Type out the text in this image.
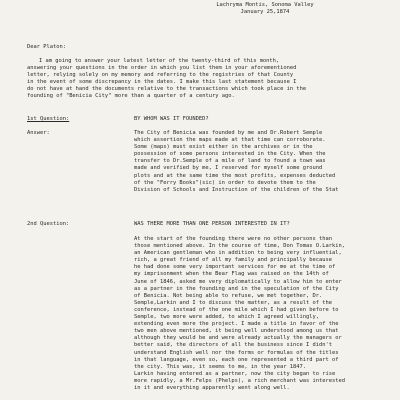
Lachryma Montis, Sonoma Valley
January 25,1874
Dear Platon:
I am going to answer your latest letter of the twenty-third of this month,
answering your questions in the order in which you list them in your aforementioned
letter, relying solely on my memory and referring to the registries of that County
in the event of some discrepancy in the dates. I make this last statement because I
do not have at hand the documents relative to the transactions which took place in the
founding of "Benicia City" more than a quarter of a century ago.
1st Question:	BY WHOM WAS IT FOUNDED?
Answer:	The City of Benicia was founded by me and Dr.Robert Semple
which assertion the maps made at that time can corroborate.
Some (maps) must exist either in the archives or in the
possession of some persons interested in the City. When the
transfer to Dr.Semple of a mile of land to found a town was
made and verified by me, I reserved for myself some ground
plots and at the same time the most profits, expenses deducted
of the "Ferry Books"(sic) in order to devote them to the
Division of Schools and Instruction of the children of the Stat
2nd Question:	WAS THERE MORE THAN ONE PERSON INTERESTED IN IT?
At the start of the founding there were no other persons than
those mentioned above. In the course of time, Don Tomas O.Larkin,
an American gentleman who in addition to being very influential,
rich, a great friend of all my family and principally because
he had done some very important services for me at the time of
my imprisonment when the Bear Flag was raised on the 14th of
June of 1846, asked me very diplomatically to allow him to enter
as a partner in the founding and in the speculation of the City
of Benicia. Not being able to refuse, we met together, Dr.
Semple,Larkin and I to discuss the matter, as a result of the
conference, instead of the one mile which I had given before to
Semple, two more were added, to which I agreed willingly,
extending even more the project. I made a title in favor of the
two men above mentioned, it being well understood among us that
although they would be and were already actually the managers or
better said, the directors of all the business since I didn't
understand English well nor the forms or formulas of the titles
in that language, even so, each one represented a third part of
the city. This was, it seems to me, in the year 1847.
Larkin having entered as a partner, now the city began to rise
more rapidly, a Mr.Felps (Phelps), a rich merchant was interested
in it and everything apparently went along well.
